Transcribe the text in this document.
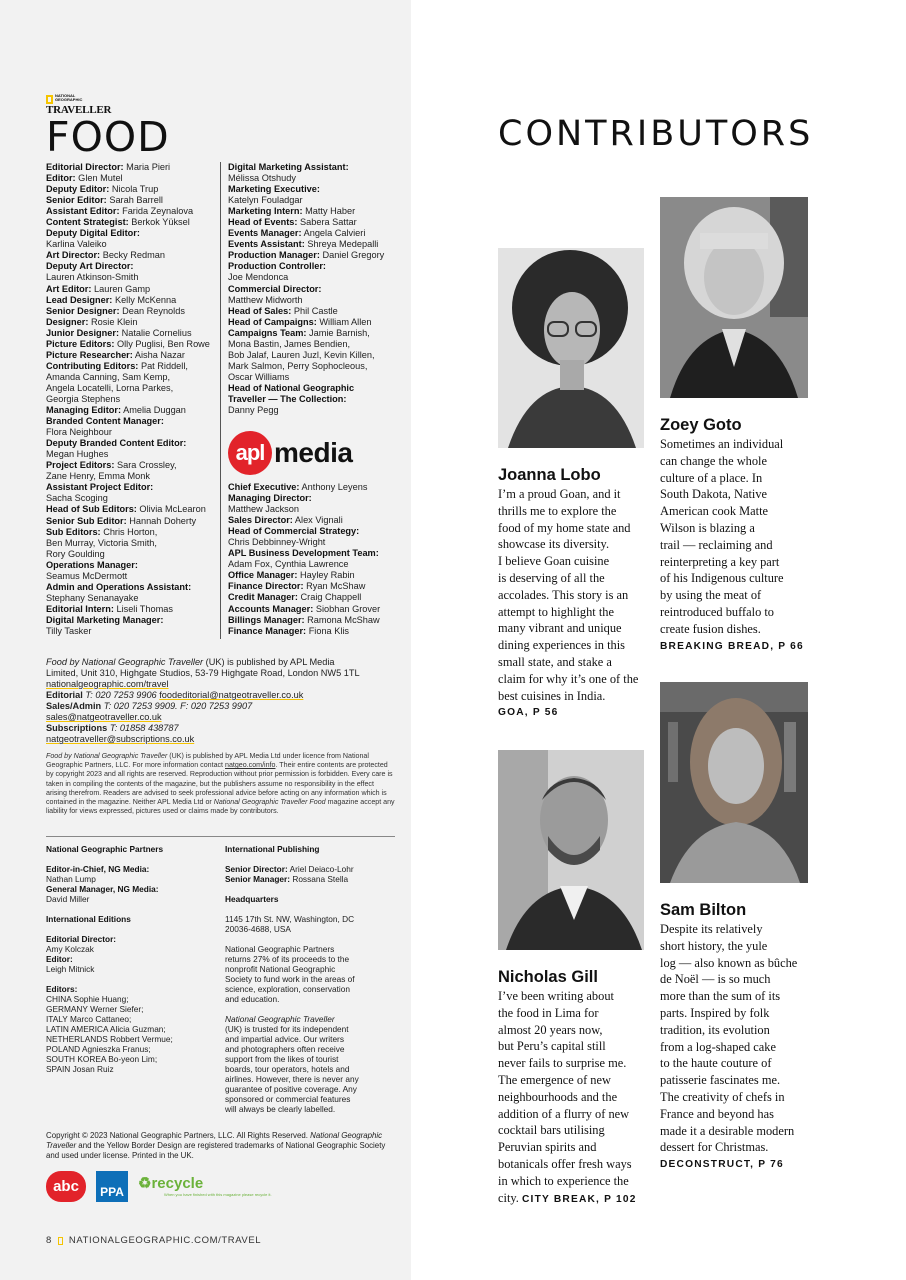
NATIONAL GEOGRAPHIC
TRAVELLER
FOOD
Editorial Director: Maria Pieri
Editor: Glen Mutel
Deputy Editor: Nicola Trup
Senior Editor: Sarah Barrell
Assistant Editor: Farida Zeynalova
Content Strategist: Berkok Yüksel
Deputy Digital Editor:
Karlina Valeiko
Art Director: Becky Redman
Deputy Art Director:
Lauren Atkinson-Smith
Art Editor: Lauren Gamp
Lead Designer: Kelly McKenna
Senior Designer: Dean Reynolds
Designer: Rosie Klein
Junior Designer: Natalie Cornelius
Picture Editors: Olly Puglisi, Ben Rowe
Picture Researcher: Aisha Nazar
Contributing Editors: Pat Riddell,
Amanda Canning, Sam Kemp,
Angela Locatelli, Lorna Parkes,
Georgia Stephens
Managing Editor: Amelia Duggan
Branded Content Manager:
Flora Neighbour
Deputy Branded Content Editor:
Megan Hughes
Project Editors: Sara Crossley,
Zane Henry, Emma Monk
Assistant Project Editor:
Sacha Scoging
Head of Sub Editors: Olivia McLearon
Senior Sub Editor: Hannah Doherty
Sub Editors: Chris Horton,
Ben Murray, Victoria Smith,
Rory Goulding
Operations Manager:
Seamus McDermott
Admin and Operations Assistant:
Stephany Senanayake
Editorial Intern: Liseli Thomas
Digital Marketing Manager:
Tilly Tasker
Digital Marketing Assistant:
Mélissa Otshudy
Marketing Executive:
Katelyn Fouladgar
Marketing Intern: Matty Haber
Head of Events: Sabera Sattar
Events Manager: Angela Calvieri
Events Assistant: Shreya Medepalli
Production Manager: Daniel Gregory
Production Controller:
Joe Mendonca
Commercial Director:
Matthew Midworth
Head of Sales: Phil Castle
Head of Campaigns: William Allen
Campaigns Team: Jamie Barnish,
Mona Bastin, James Bendien,
Bob Jalaf, Lauren Juzl, Kevin Killen,
Mark Salmon, Perry Sophocleous,
Oscar Williams
Head of National Geographic
Traveller — The Collection:
Danny Pegg
apl media
Chief Executive: Anthony Leyens
Managing Director:
Matthew Jackson
Sales Director: Alex Vignali
Head of Commercial Strategy:
Chris Debbinney-Wright
APL Business Development Team:
Adam Fox, Cynthia Lawrence
Office Manager: Hayley Rabin
Finance Director: Ryan McShaw
Credit Manager: Craig Chappell
Accounts Manager: Siobhan Grover
Billings Manager: Ramona McShaw
Finance Manager: Fiona Klis
Food by National Geographic Traveller (UK) is published by APL Media
Limited, Unit 310, Highgate Studios, 53-79 Highgate Road, London NW5 1TL
nationalgeographic.com/travel
Editorial T: 020 7253 9906 foodeditorial@natgeotraveller.co.uk
Sales/Admin T: 020 7253 9909. F: 020 7253 9907
sales@natgeotraveller.co.uk
Subscriptions T: 01858 438787
natgeotraveller@subscriptions.co.uk
Food by National Geographic Traveller (UK) is published by APL Media Ltd under licence from National Geographic Partners, LLC. For more information contact natgeo.com/info. Their entire contents are protected by copyright 2023 and all rights are reserved. Reproduction without prior permission is forbidden. Every care is taken in compiling the contents of the magazine, but the publishers assume no responsibility in the effect arising therefrom. Readers are advised to seek professional advice before acting on any information which is contained in the magazine. Neither APL Media Ltd or National Geographic Traveller Food magazine accept any liability for views expressed, pictures used or claims made by contributors.
National Geographic Partners
Editor-in-Chief, NG Media:
Nathan Lump
General Manager, NG Media:
David Miller
International Editions
Editorial Director:
Amy Kolczak
Editor:
Leigh Mitnick
Editors:
CHINA Sophie Huang;
GERMANY Werner Siefer;
ITALY Marco Cattaneo;
LATIN AMERICA Alicia Guzman;
NETHERLANDS Robbert Vermue;
POLAND Agnieszka Franus;
SOUTH KOREA Bo-yeon Lim;
SPAIN Josan Ruiz
International Publishing
Senior Director: Ariel Deiaco-Lohr
Senior Manager: Rossana Stella
Headquarters
1145 17th St. NW, Washington, DC
20036-4688, USA
National Geographic Partners
returns 27% of its proceeds to the
nonprofit National Geographic
Society to fund work in the areas of
science, exploration, conservation
and education.
National Geographic Traveller
(UK) is trusted for its independent
and impartial advice. Our writers
and photographers often receive
support from the likes of tourist
boards, tour operators, hotels and
airlines. However, there is never any
guarantee of positive coverage. Any
sponsored or commercial features
will always be clearly labelled.
Copyright © 2023 National Geographic Partners, LLC. All Rights Reserved. National Geographic Traveller and the Yellow Border Design are registered trademarks of National Geographic Society and used under license. Printed in the UK.
abc	PPA ♻recycle
When you have finished with this magazine please recycle it.
8 NATIONALGEOGRAPHIC.COM/TRAVEL
CONTRIBUTORS
Joanna Lobo
I’m a proud Goan, and it
thrills me to explore the
food of my home state and
showcase its diversity.
I believe Goan cuisine
is deserving of all the
accolades. This story is an
attempt to highlight the
many vibrant and unique
dining experiences in this
small state, and stake a
claim for why it’s one of the
best cuisines in India.
GOA, P 56
Zoey Goto
Sometimes an individual
can change the whole
culture of a place. In
South Dakota, Native
American cook Matte
Wilson is blazing a
trail — reclaiming and
reinterpreting a key part
of his Indigenous culture
by using the meat of
reintroduced buffalo to
create fusion dishes.
BREAKING BREAD, P 66
Nicholas Gill
I’ve been writing about
the food in Lima for
almost 20 years now,
but Peru’s capital still
never fails to surprise me.
The emergence of new
neighbourhoods and the
addition of a flurry of new
cocktail bars utilising
Peruvian spirits and
botanicals offer fresh ways
in which to experience the
city. CITY BREAK, P 102
Sam Bilton
Despite its relatively
short history, the yule
log — also known as bûche
de Noël — is so much
more than the sum of its
parts. Inspired by folk
tradition, its evolution
from a log-shaped cake
to the haute couture of
patisserie fascinates me.
The creativity of chefs in
France and beyond has
made it a desirable modern
dessert for Christmas.
DECONSTRUCT, P 76
